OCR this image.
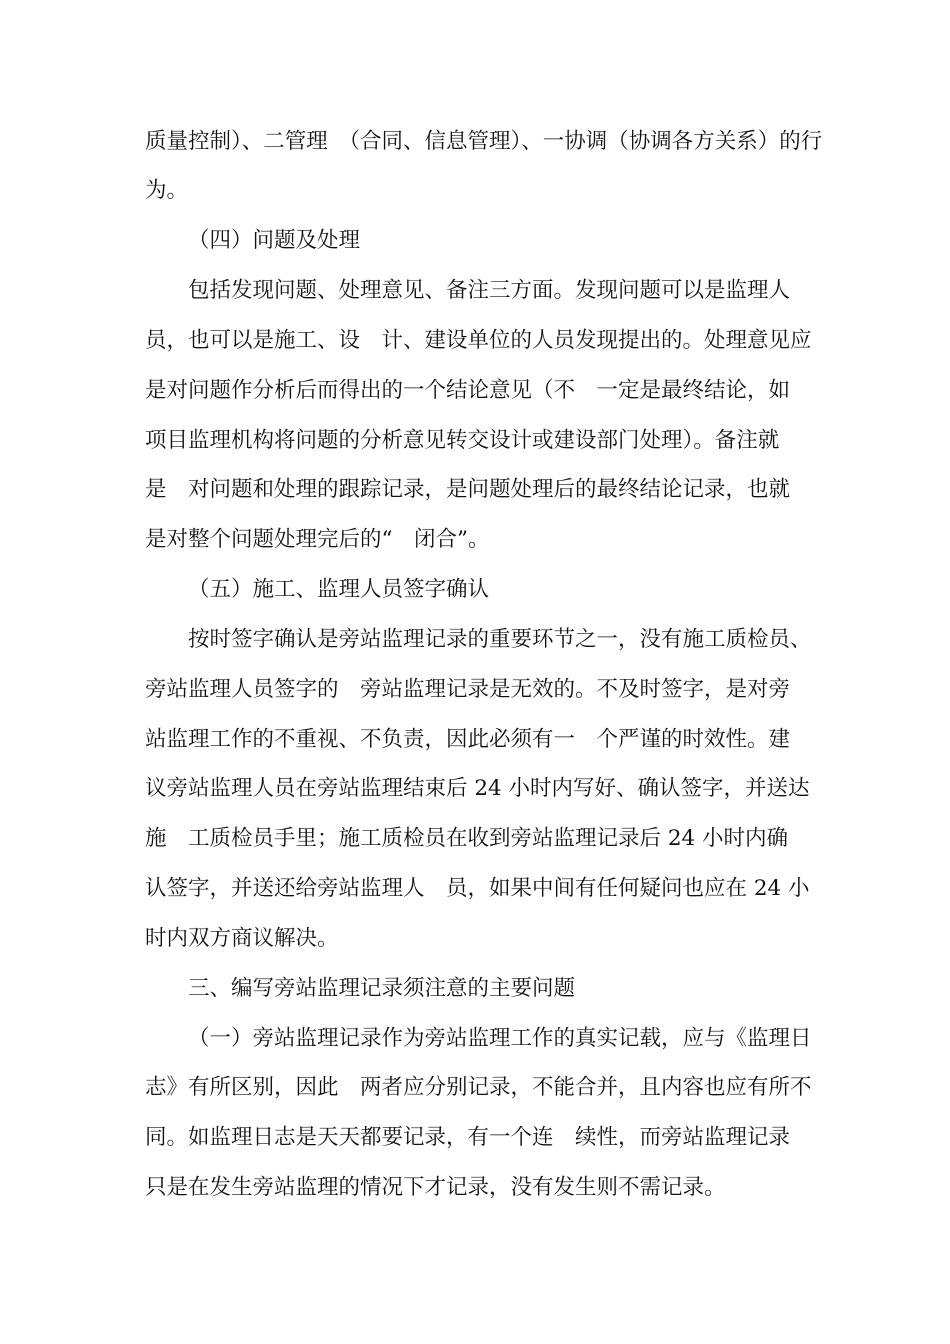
质量控制）、二管理　（合同、信息管理）、一协调（协调各方关系）的行
为。
（四）问题及处理
包括发现问题、处理意见、备注三方面。发现问题可以是监理人
员，也可以是施工、设　计、建设单位的人员发现提出的。处理意见应
是对问题作分析后而得出的一个结论意见（不　一定是最终结论，如
项目监理机构将问题的分析意见转交设计或建设部门处理）。备注就
是　对问题和处理的跟踪记录，是问题处理后的最终结论记录，也就
是对整个问题处理完后的“　闭合”。
（五）施工、监理人员签字确认
按时签字确认是旁站监理记录的重要环节之一，没有施工质检员、
旁站监理人员签字的　旁站监理记录是无效的。不及时签字，是对旁
站监理工作的不重视、不负责，因此必须有一　个严谨的时效性。建
议旁站监理人员在旁站监理结束后 24 小时内写好、确认签字，并送达
施　工质检员手里；施工质检员在收到旁站监理记录后 24 小时内确
认签字，并送还给旁站监理人　员，如果中间有任何疑问也应在 24 小
时内双方商议解决。
三、编写旁站监理记录须注意的主要问题
（一）旁站监理记录作为旁站监理工作的真实记载，应与《监理日
志》有所区别，因此　两者应分别记录，不能合并，且内容也应有所不
同。如监理日志是天天都要记录，有一个连　续性，而旁站监理记录
只是在发生旁站监理的情况下才记录，没有发生则不需记录。
